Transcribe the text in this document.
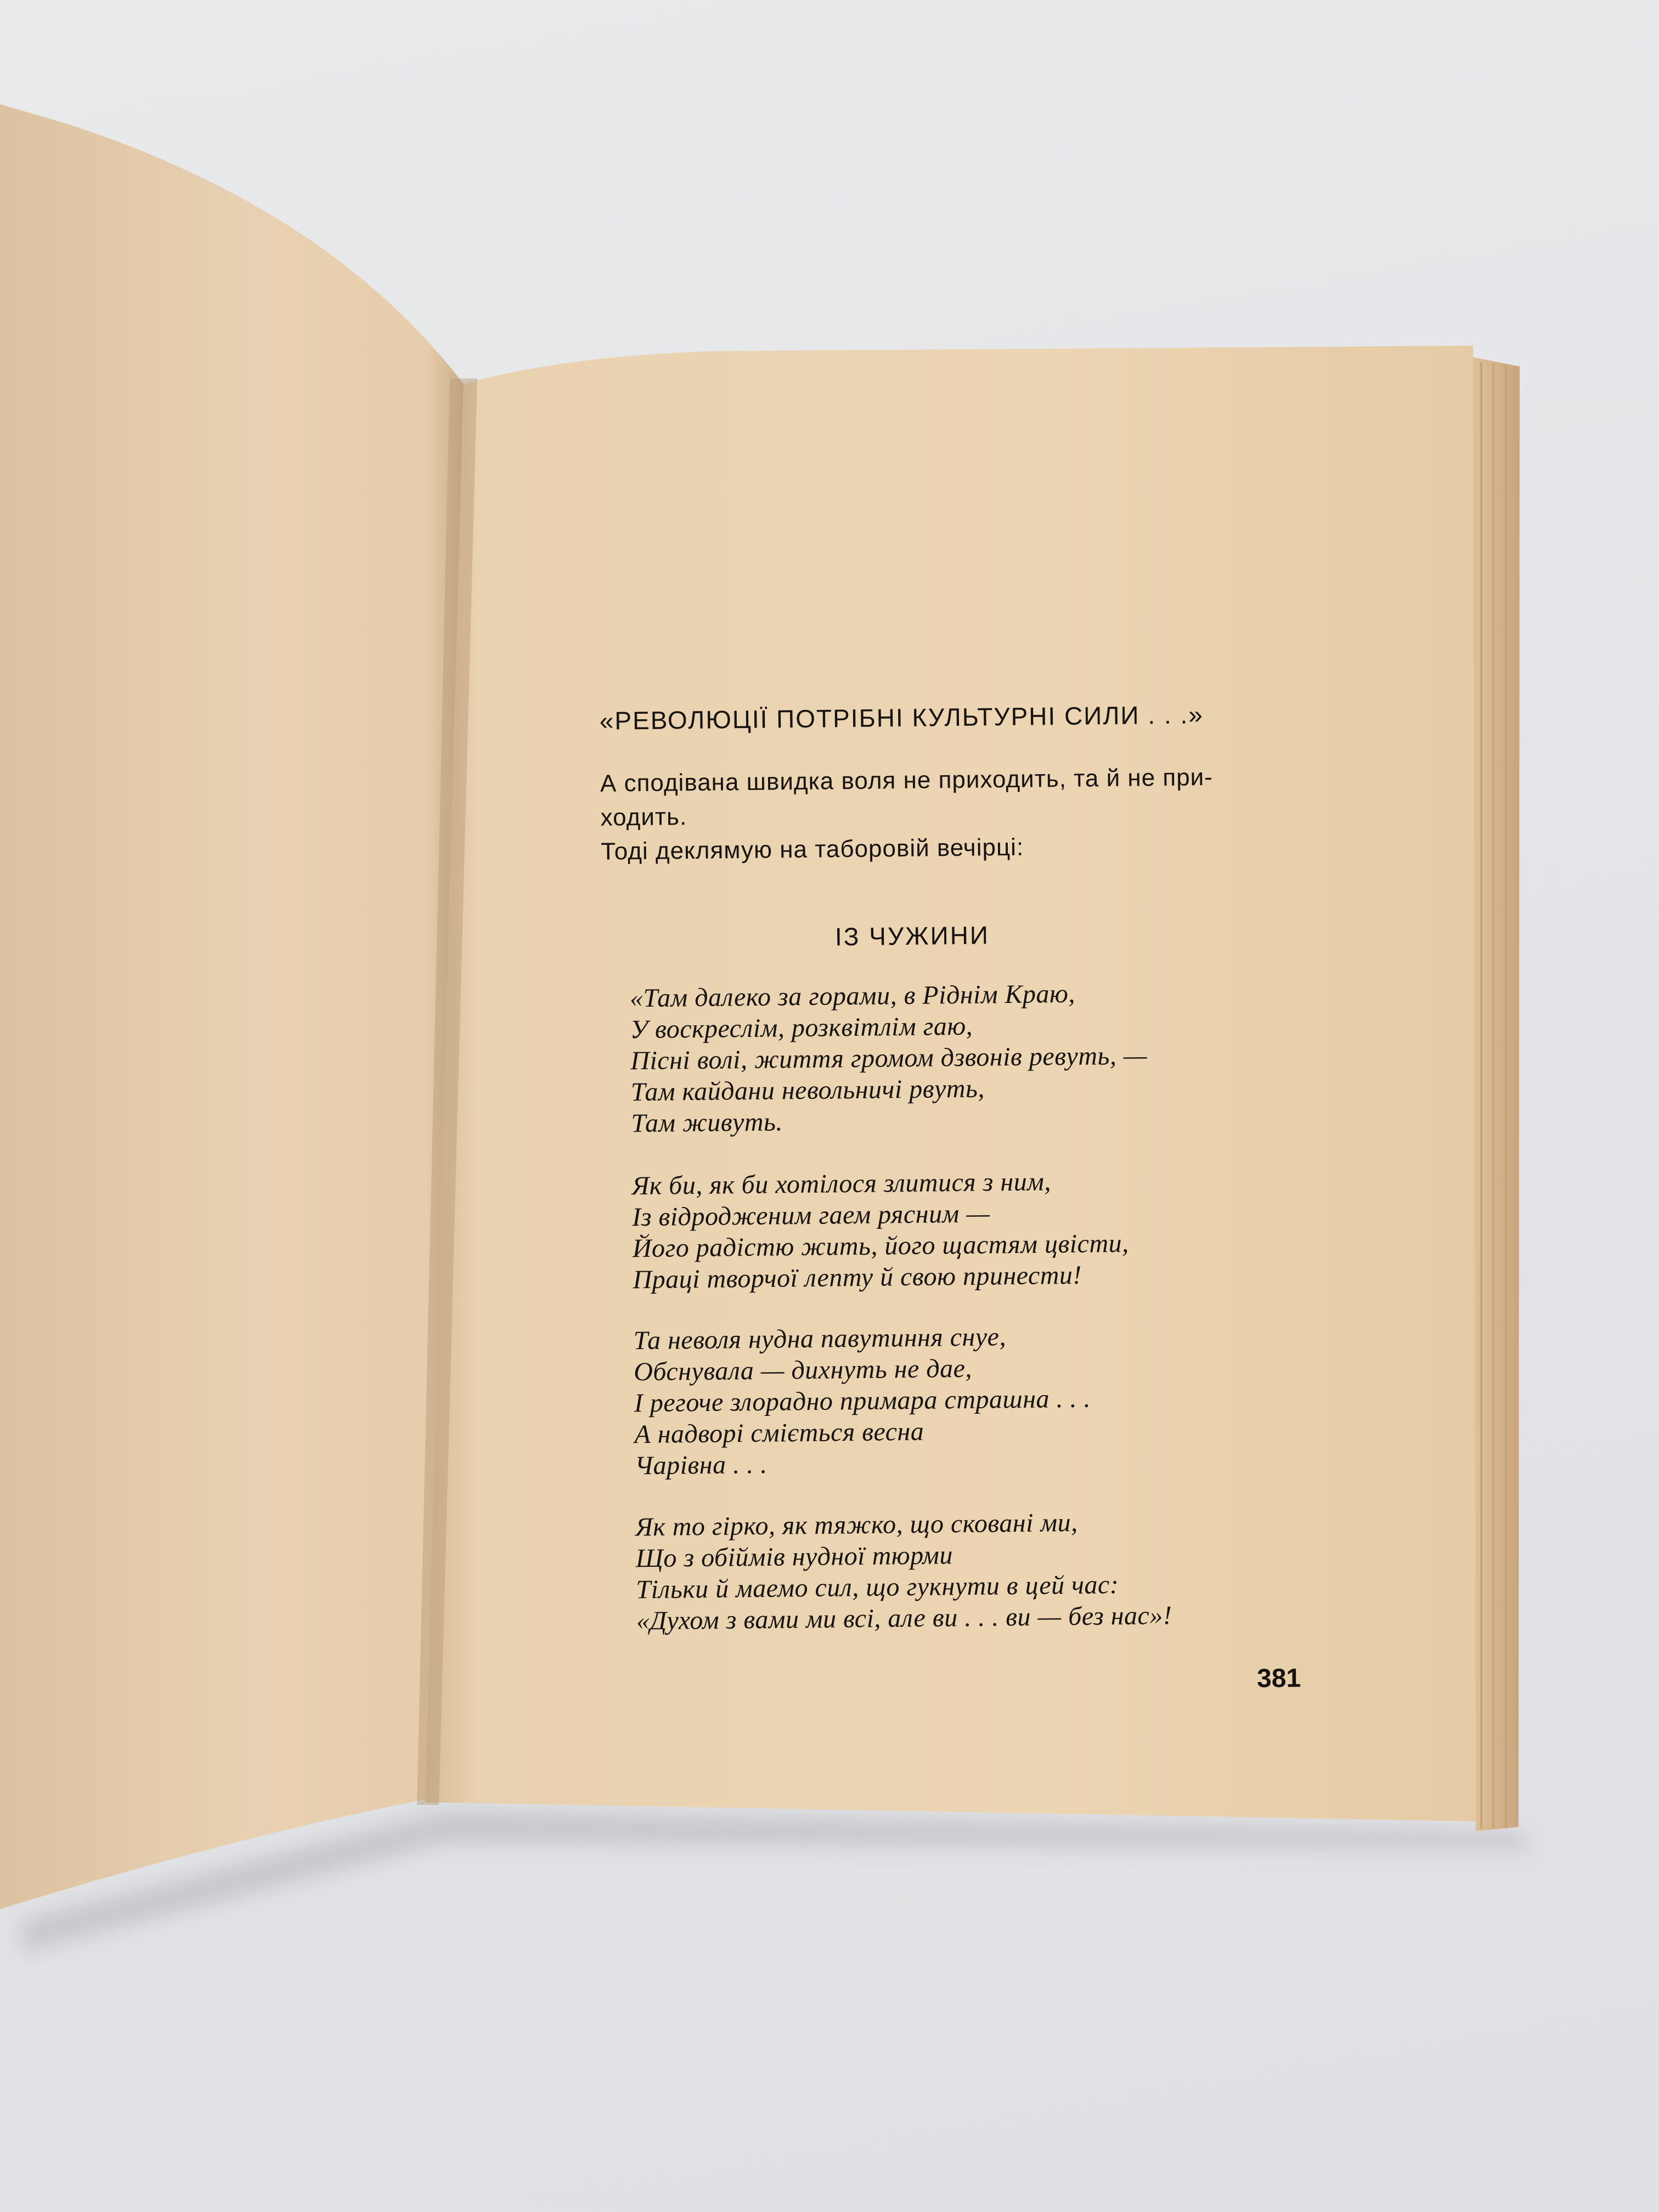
«РЕВОЛЮЦІЇ ПОТРІБНІ КУЛЬТУРНІ СИЛИ . . .»

А сподівана швидка воля не приходить, та й не при-

ходить.

Тоді деклямую на таборовій вечірці:

ІЗ ЧУЖИНИ

«Там далеко за горами, в Ріднім Краю,

У воскреслім, розквітлім гаю,

Пісні волі, життя громом дзвонів ревуть, —

Там кайдани невольничі рвуть,

Там живуть.

Як би, як би хотілося злитися з ним,

Із відродженим гаем рясним —

Його радістю жить, його щастям цвісти,

Праці творчої лепту й свою принести!

Та неволя нудна павутиння снуе,

Обснувала — дихнуть не дае,

І регоче злорадно примара страшна . . .

А надворі сміється весна

Чарівна . . .

Як то гірко, як тяжко, що сковані ми,

Що з обіймів нудної тюрми

Тільки й маемо сил, що гукнути в цей час:

«Духом з вами ми всі, але ви . . . ви — без нас»!

381
